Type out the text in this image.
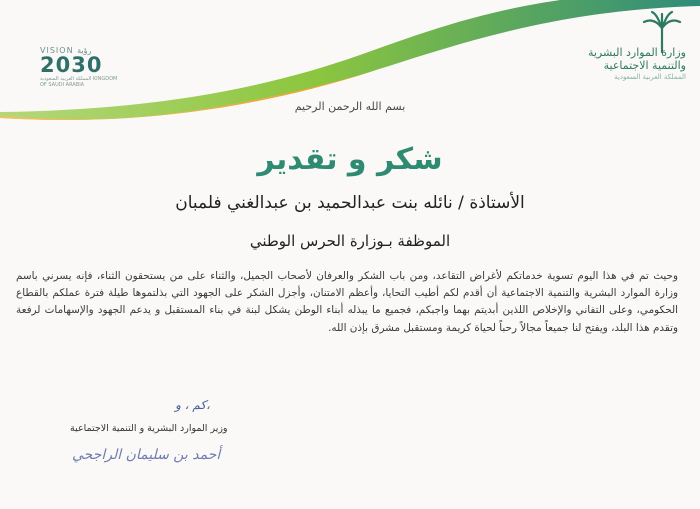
VISION رؤية
2030
المملكة العربية السعودية KINGDOM OF SAUDI ARABIA
وزارة الموارد البشرية
والتنمية الاجتماعية
المملكة العربية السعودية
بسم الله الرحمن الرحيم
شكر و تقدير
الأستاذة / نائله بنت عبدالحميد بن عبدالغني فلمبان
الموظفة بـوزارة الحرس الوطني
وحيث تم في هذا اليوم تسوية خدماتكم لأغراض التقاعد، ومن باب الشكر والعرفان لأصحاب الجميل، والثناء على من يستحقون الثناء، فإنه يسرني باسم وزارة الموارد البشرية والتنمية الاجتماعية أن أقدم لكم أطيب التحايا، وأعظم الامتنان، وأجزل الشكر على الجهود التي بذلتموها طيلة فترة عملكم بالقطاع الحكومي، وعلى التفاني والإخلاص اللذين أبديتم بهما واجبكم، فجميع ما يبذله أبناء الوطن يشكل لبنة في بناء المستقبل و يدعم الجهود والإسهامات لرفعة وتقدم هذا البلد، ويفتح لنا جميعاً مجالاً رحباً لحياة كريمة ومستقبل مشرق بإذن الله.
،كم ، و
وزير الموارد البشرية و التنمية الاجتماعية
أحمد بن سليمان الراجحي
